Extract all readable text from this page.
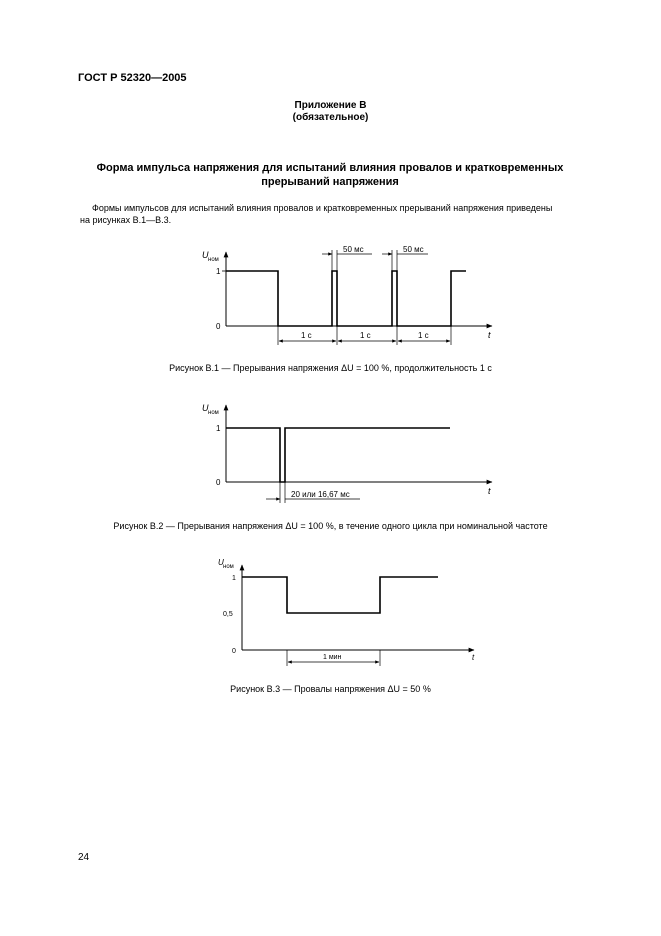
ГОСТ Р 52320—2005
Приложение В
(обязательное)
Форма импульса напряжения для испытаний влияния провалов и кратковременных
прерываний напряжения
Формы импульсов для испытаний влияния провалов и кратковременных прерываний напряжения приведены
на рисунках В.1—В.3.
U ном
t
1
0
50 мс	50 мс
1 с	1 с	1 с
Рисунок В.1 — Прерывания напряжения ΔU = 100 %, продолжительность 1 с
U ном
t
1
0
20 или 16,67 мс
Рисунок В.2 — Прерывания напряжения ΔU = 100 %, в течение одного цикла при номинальной частоте
U ном
t
1
0,5
0
1 мин
Рисунок В.3 — Провалы напряжения ΔU = 50 %
24
